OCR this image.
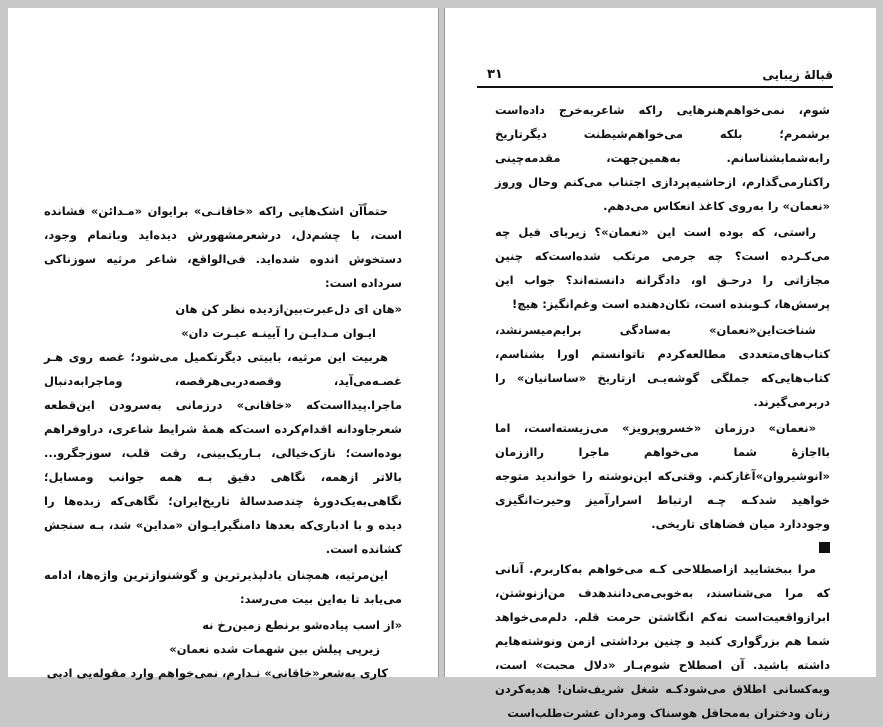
حتماًآن اشک‌هایی راکه «خاقانـی» برایوان «مـدائن» فشانده است، با چشم‌دل، درشعرمشهورش دیده‌اید وباتمام وجود، دستخوش اندوه شده‌اید. فی‌الواقع، شاعر مرثیه سوزناکی سرداده است:

«هان ای دل‌عبرت‌بین‌ازدیده نظر کن هان
ایـوان مـدایـن را آیینـه عبـرت دان»

هربیت این مرثیه، بابیتی دیگرتکمیل می‌شود؛ غصه روی هـر غصـه‌می‌آید، وقصه‌دربی‌هرقصه، وماجرابه‌دنبال ماجرا.پیدااست‌که «خاقانی» درزمانی به‌سرودن این‌قطعه شعرجاودانه اقدام‌کرده است‌که همهٔ شرایط شاعری، درا‌وفراهم بوده‌است؛ نازک‌خیالی، بـاریک‌بینی، رقت قلب، سوزجگرو... بالاتر ازهمه، نگاهی دقیق بـه همه جوانب ومسایل؛ نگاهی‌به‌یک‌دورهٔ چندصدسالهٔ تاریخ‌ایران؛ نگاهی‌که زبده‌ها را دیده و با ادباری‌که بعدها دامنگیرایـوان «مداین» شد، بـه سنجش کشانده است.

این‌مرثیه، همچنان بادلپذیرترین و گوشنوازترین واژه‌ها، ادامه می‌یابد تا به‌این بیت می‌رسد:

«از اسب پیاده‌شو برنطع زمین‌رخ نه
زیرپی پیلش بین شهمات شده نعمان»

کاری به‌شعر«خاقانی» نـدارم، نمی‌خواهم وارد مقوله‌یی ادبی

قبالهٔ زیبایی
۳۱

شوم، نمی‌خواهم‌هنرهایی راکه شاعربه‌خرج داده‌است برشمرم؛ بلکه می‌خواهم‌شیطنت دیگرتاریخ رابه‌شمابشناسانم. به‌همین‌جهت، مقدمه‌چینی راکنارمی‌گذارم، ازحاشیه‌پردازی اجتناب می‌کنم وحال وروز «نعمان» را به‌روی کاغذ انعکاس می‌دهم.

راستی، که بوده است این «نعمان»؟ زیربای فیل چه می‌کـرده است؟ چه جرمی مرتکب شده‌است‌که چنین مجازاتی را درحـق او، دادگرانه دانسته‌اند؟ جواب این پرسش‌ها، کـوبنده است، تکان‌دهنده است وغم‌انگیز: هیچ!

شناخت‌این«نعمان» به‌سادگی برایم‌میسرنشد، کتاب‌های‌متعددی مطالعه‌کردم تاتوانستم اورا بشناسم، کتاب‌هایی‌که جملگی گوشه‌یـی ازتاریخ «ساسانیان» را دربرمی‌گیرند.

«نعمان» درزمان «خسروپرویز» می‌زیسته‌است، اما بااجازهٔ شما می‌خواهم ماجرا رااززمان «انوشیروان»آغازکنم. وقتی‌که این‌نوشته را خوانديد متوجه خواهيد شدکـه چـه ارتباط اسرارآميز وحيرت‌انگيزی وجوددارد ميان فضاهای تاريخی.

مرا ببخشایید ازاصطلاحی کـه می‌خواهم به‌کاربرم. آنانی که مرا می‌شناسند، به‌خوبی‌می‌دانندهدف من‌ازنوشتن، ابرازواقعیت‌است نه‌کم انگاشتن حرمت قلم. دلم‌می‌خواهد شما هم بزرگواری کنید و چنین برداشتی ازمن ونوشته‌هایم داشته باشید. آن اصطلاح شوم‌بـار «دلال محبت» است، وبه‌کسانی اطلاق می‌شودکـه شغل شریف‌شان! هدیه‌کردن زنان ودختران به‌محافل هوسناک ومردان عشرت‌طلب‌است
